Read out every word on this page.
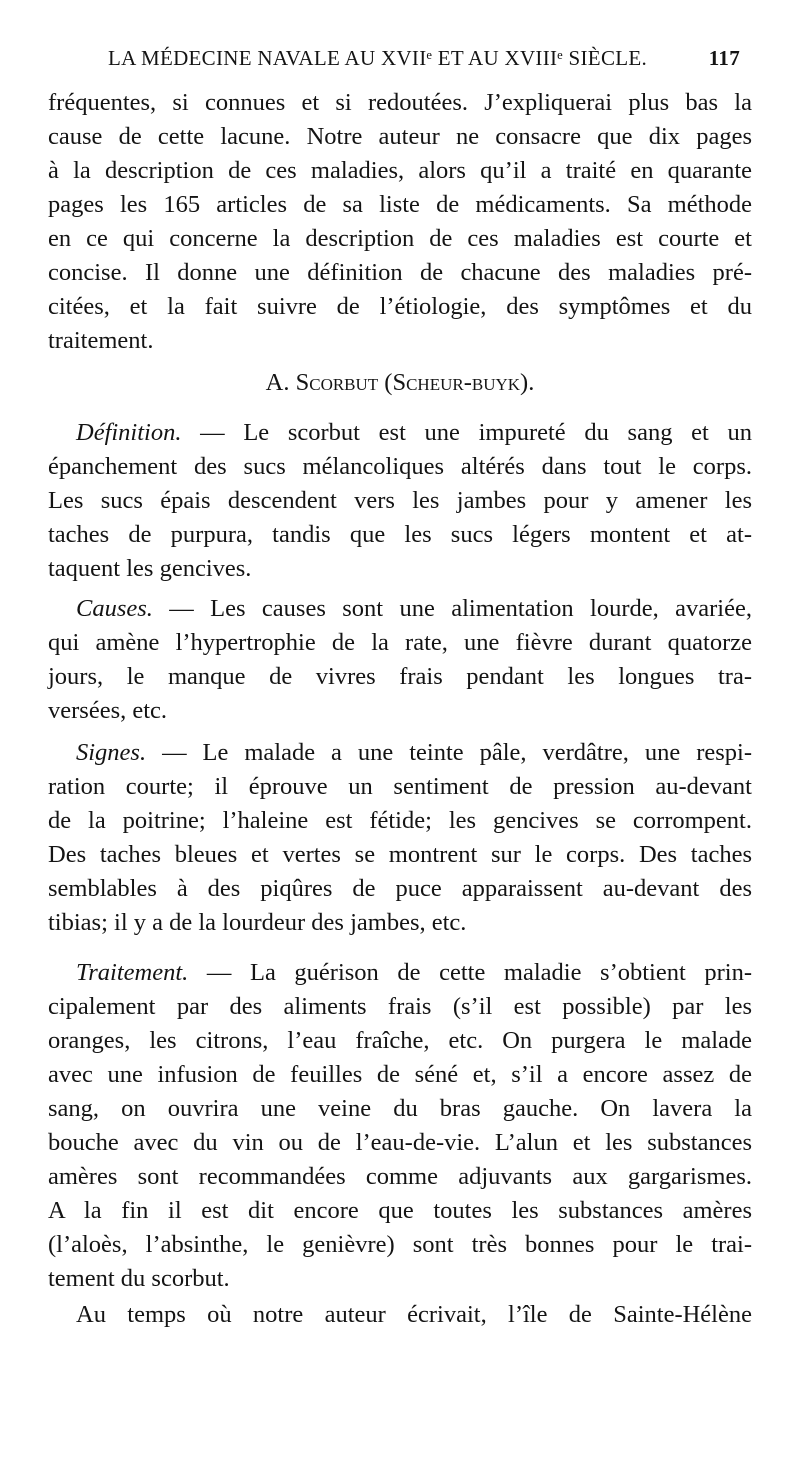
LA MÉDECINE NAVALE AU XVIIᵉ ET AU XVIIIᵉ SIÈCLE.	117
fréquentes, si connues et si redoutées. J’expliquerai plus bas la
cause de cette lacune. Notre auteur ne consacre que dix pages
à la description de ces maladies, alors qu’il a traité en quarante
pages les 165 articles de sa liste de médicaments. Sa méthode
en ce qui concerne la description de ces maladies est courte et
concise. Il donne une définition de chacune des maladies pré-
citées, et la fait suivre de l’étiologie, des symptômes et du
traitement.
A. Scorbut (Scheur-buyk).
Définition. — Le scorbut est une impureté du sang et un
épanchement des sucs mélancoliques altérés dans tout le corps.
Les sucs épais descendent vers les jambes pour y amener les
taches de purpura, tandis que les sucs légers montent et at-
taquent les gencives.
Causes. — Les causes sont une alimentation lourde, avariée,
qui amène l’hypertrophie de la rate, une fièvre durant quatorze
jours, le manque de vivres frais pendant les longues tra-
versées, etc.
Signes. — Le malade a une teinte pâle, verdâtre, une respi-
ration courte; il éprouve un sentiment de pression au-devant
de la poitrine; l’haleine est fétide; les gencives se corrompent.
Des taches bleues et vertes se montrent sur le corps. Des taches
semblables à des piqûres de puce apparaissent au-devant des
tibias; il y a de la lourdeur des jambes, etc.
Traitement. — La guérison de cette maladie s’obtient prin-
cipalement par des aliments frais (s’il est possible) par les
oranges, les citrons, l’eau fraîche, etc. On purgera le malade
avec une infusion de feuilles de séné et, s’il a encore assez de
sang, on ouvrira une veine du bras gauche. On lavera la
bouche avec du vin ou de l’eau-de-vie. L’alun et les substances
amères sont recommandées comme adjuvants aux gargarismes.
A la fin il est dit encore que toutes les substances amères
(l’aloès, l’absinthe, le genièvre) sont très bonnes pour le trai-
tement du scorbut.
Au temps où notre auteur écrivait, l’île de Sainte-Hélène
